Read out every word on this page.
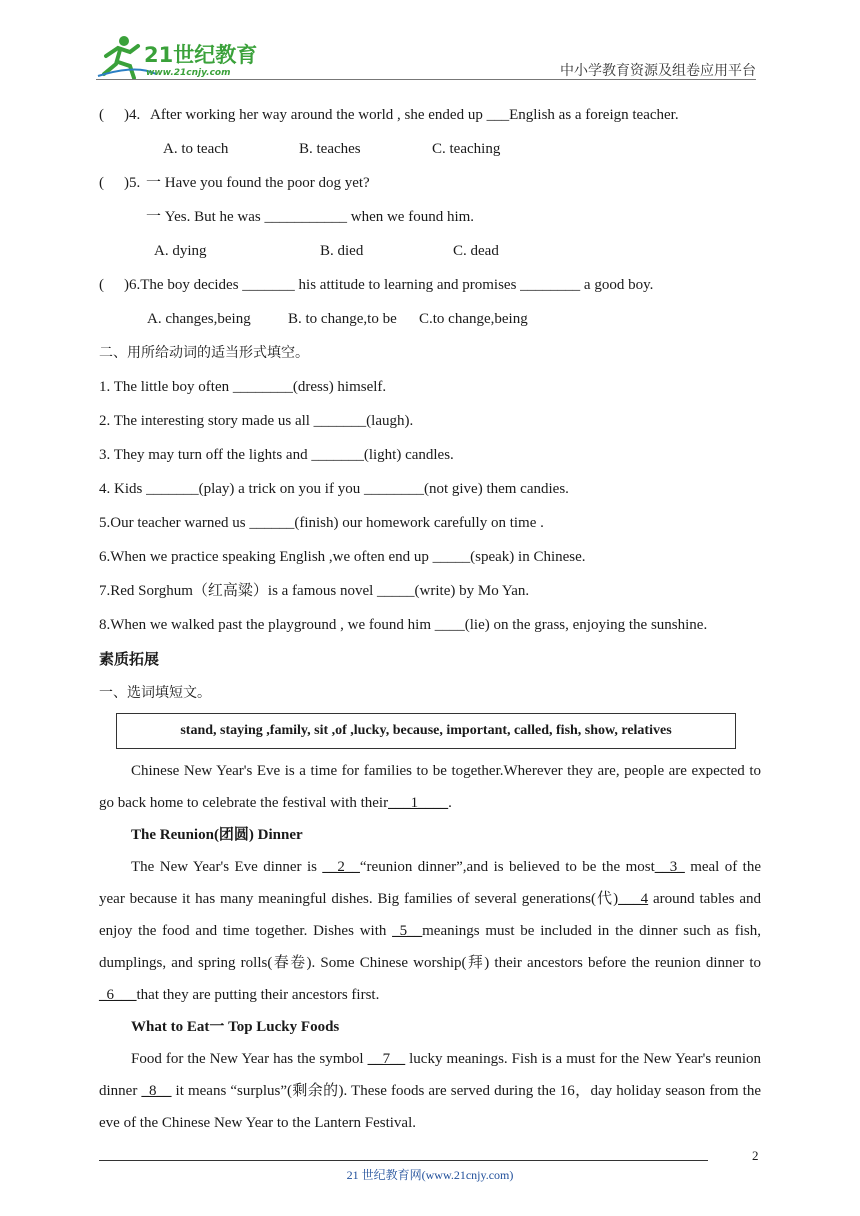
21世纪教育
www.21cnjy.com	中小学教育资源及组卷应用平台
( )4. After working her way around the world , she ended up ___English as a foreign teacher.
A. to teach	B. teaches	C. teaching
( )5. 一 Have you found the poor dog yet?
一 Yes. But he was ___________ when we found him.
A. dying	B. died	C. dead
( )6.The boy decides _______ his attitude to learning and promises ________ a good boy.
A. changes,being B. to change,to be C.to change,being
二、用所给动词的适当形式填空。
1. The little boy often ________(dress) himself.
2. The interesting story made us all _______(laugh).
3. They may turn off the lights and _______(light) candles.
4. Kids _______(play) a trick on you if you ________(not give) them candies.
5.Our teacher warned us ______(finish) our homework carefully on time .
6.When we practice speaking English ,we often end up _____(speak) in Chinese.
7.Red Sorghum（红高粱）is a famous novel _____(write) by Mo Yan.
8.When we walked past the playground , we found him ____(lie) on the grass, enjoying the sunshine.
素质拓展
一、选词填短文。
stand, staying ,family, sit ,of ,lucky, because, important, called, fish, show, relatives
Chinese New Year's Eve is a time for families to be together.Wherever they are, people are expected to go back home to celebrate the festival with their___1____.
The Reunion(团圆) Dinner
The New Year's Eve dinner is __2__“reunion dinner”,and is believed to be the most__3_ meal of the year because it has many meaningful dishes. Big families of several generations(代)___4 around tables and enjoy the food and time together. Dishes with _5__meanings must be included in the dinner such as fish, dumplings, and spring rolls(春卷). Some Chinese worship(拜) their ancestors before the reunion dinner to _6___that they are putting their ancestors first.
What to Eat一 Top Lucky Foods
Food for the New Year has the symbol __7__ lucky meanings. Fish is a must for the New Year's reunion dinner _8__ it means “surplus”(剩余的). These foods are served during the 16，day holiday season from the eve of the Chinese New Year to the Lantern Festival.
2
21 世纪教育网(www.21cnjy.com)
